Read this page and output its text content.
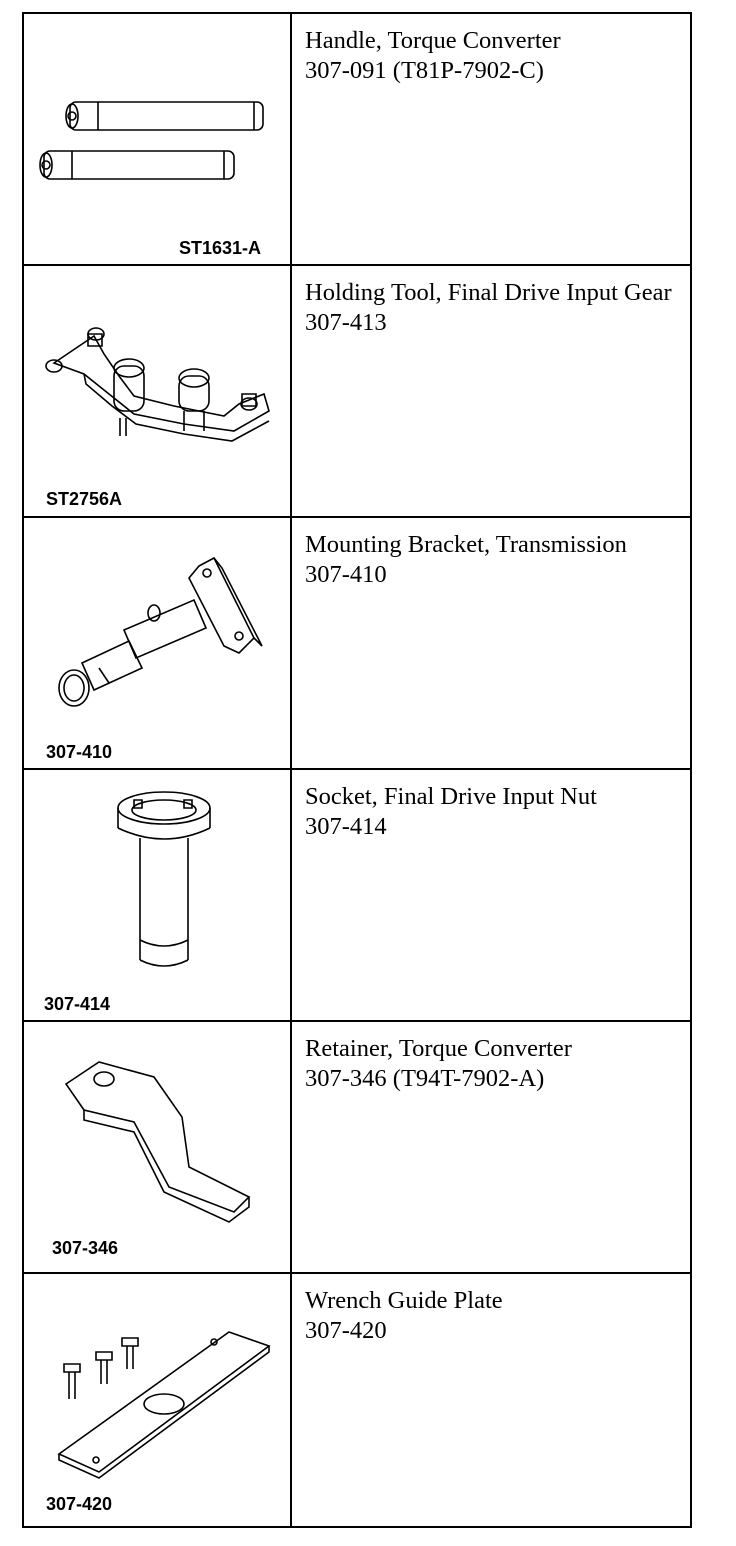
ST1631-A
Handle, Torque Converter
307-091 (T81P-7902-C)
ST2756A
Holding Tool, Final Drive Input Gear
307-413
307-410
Mounting Bracket, Transmission
307-410
307-414
Socket, Final Drive Input Nut
307-414
307-346
Retainer, Torque Converter
307-346 (T94T-7902-A)
307-420
Wrench Guide Plate
307-420
